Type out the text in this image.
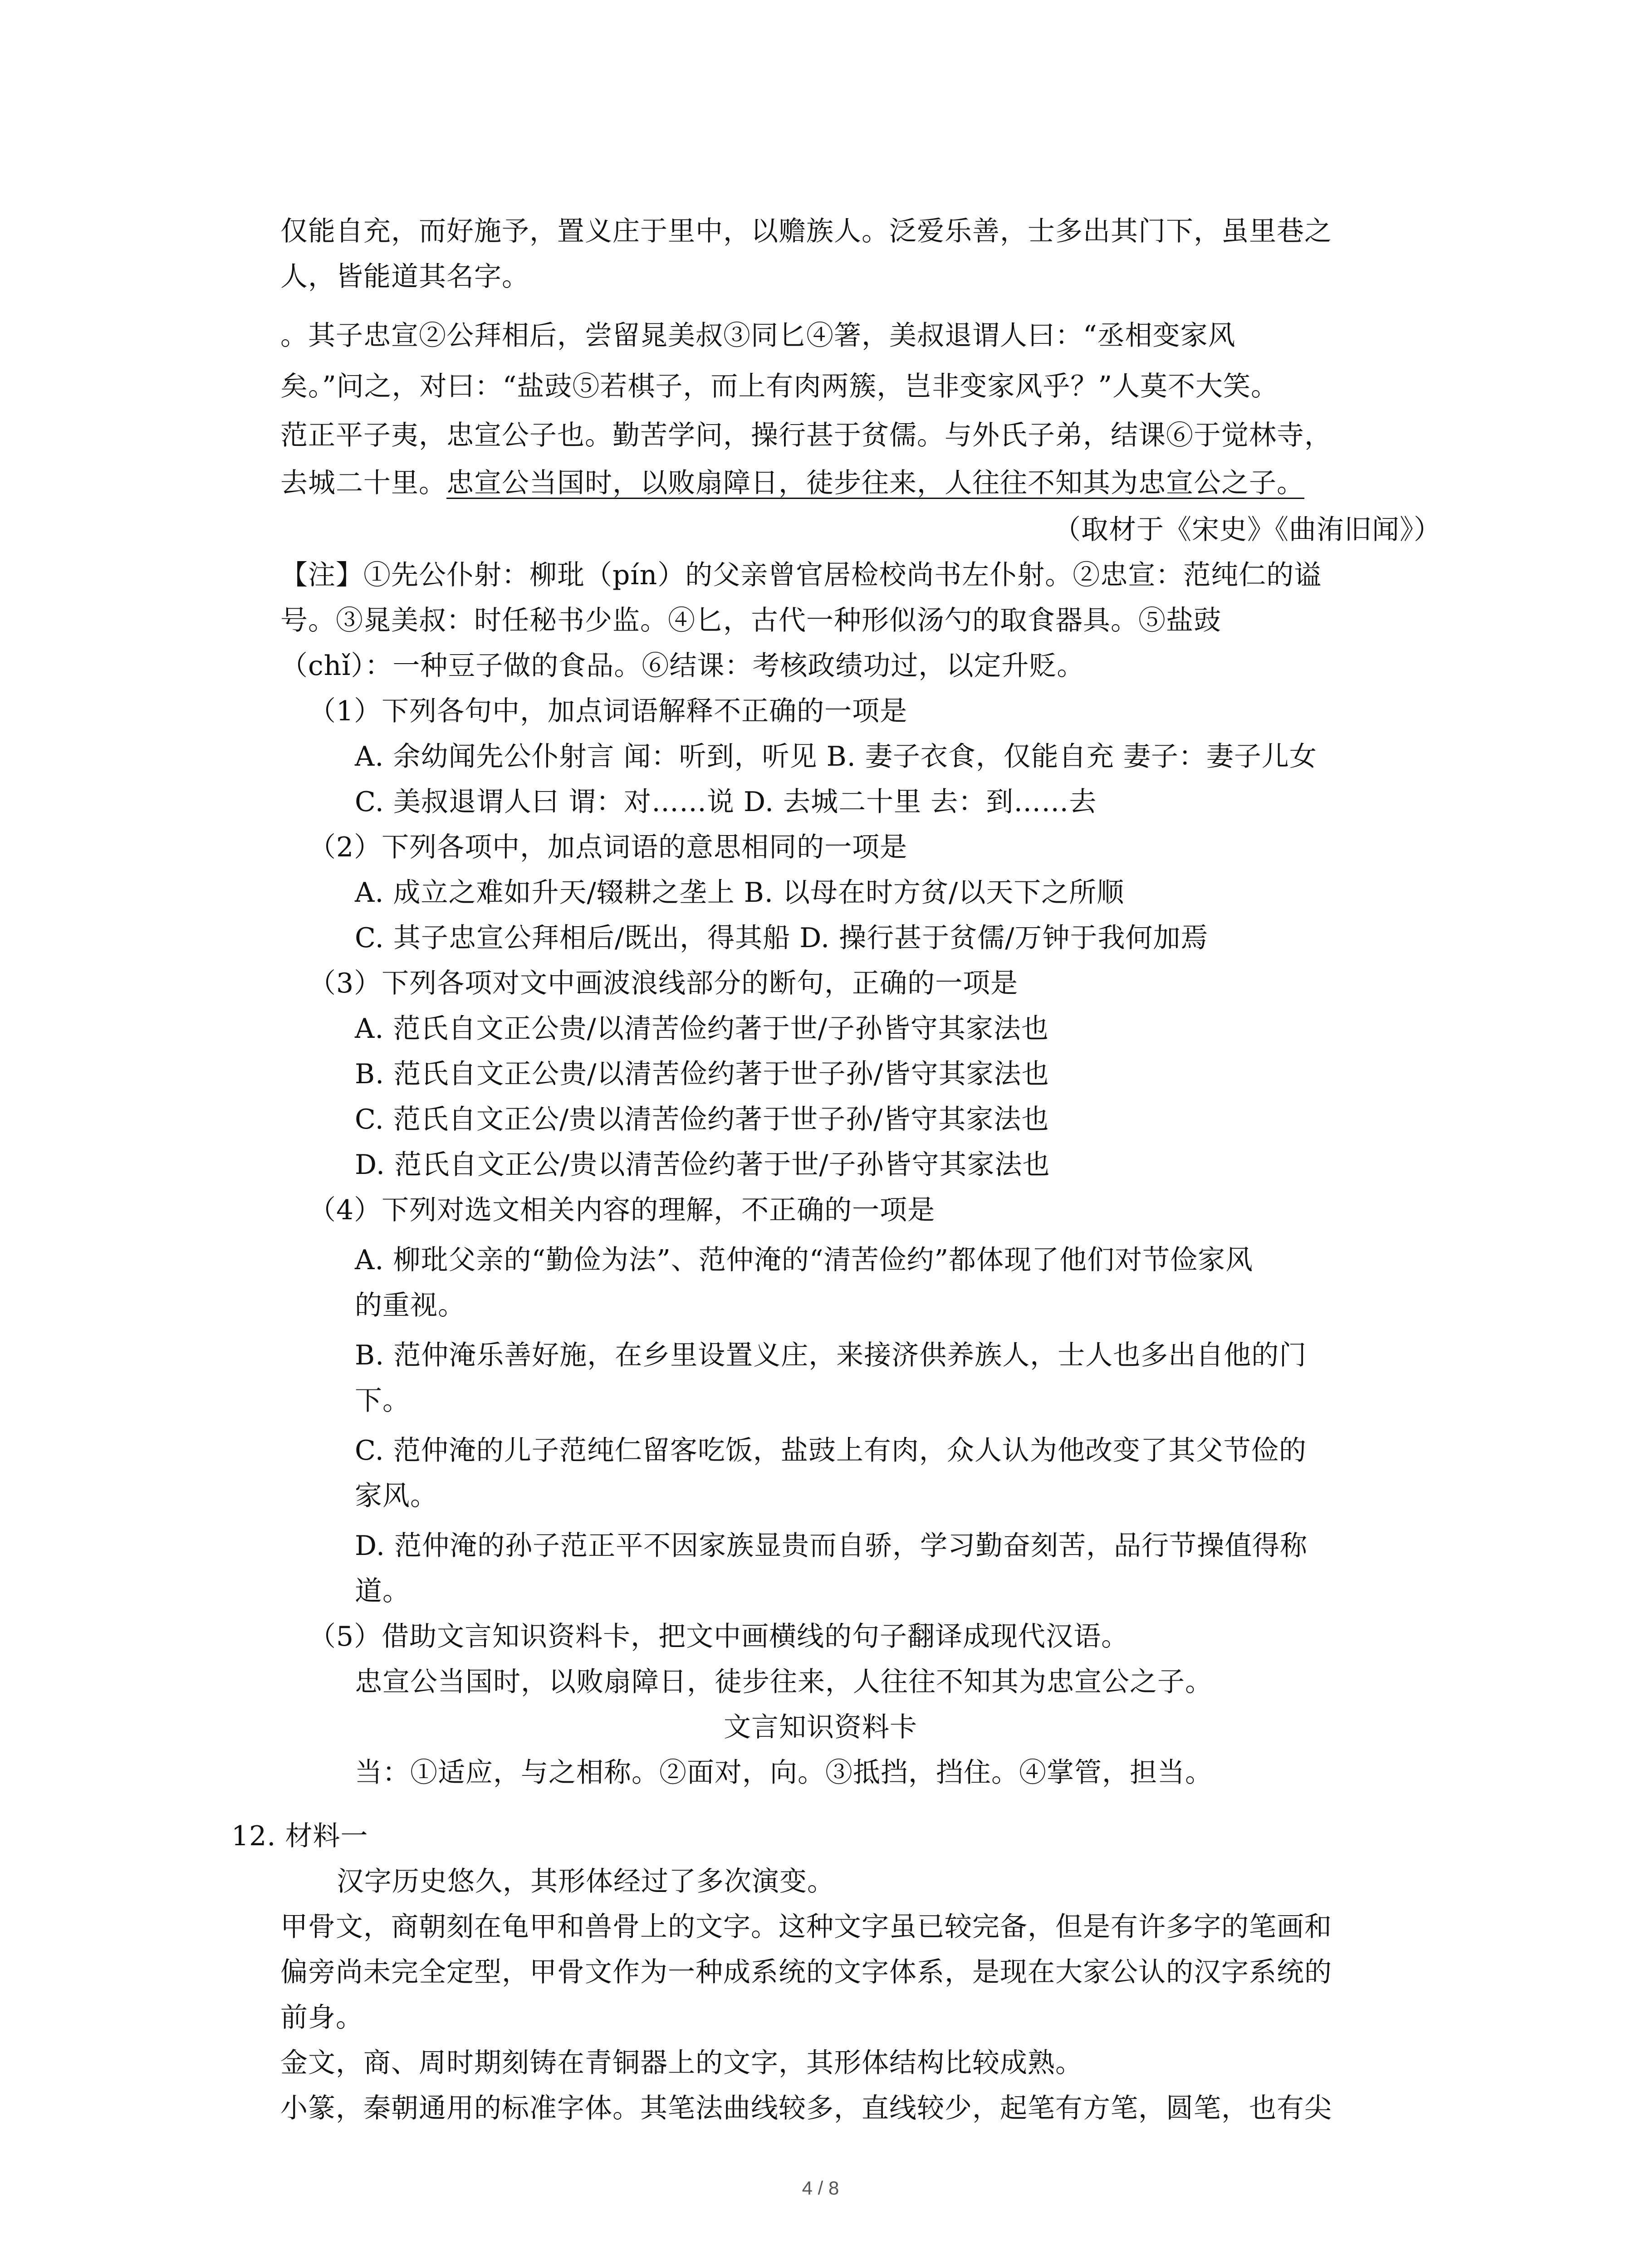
仅能自充，而好施予，置义庄于里中，以赡族人。泛爱乐善，士多出其门下，虽里巷之
人，皆能道其名字。
。其子忠宣②公拜相后，尝留晁美叔③同匕④箸，美叔退谓人曰：“丞相变家风
矣。”问之，对曰：“盐豉⑤若棋子，而上有肉两簇，岂非变家风乎？”人莫不大笑。
范正平子夷，忠宣公子也。勤苦学问，操行甚于贫儒。与外氏子弟，结课⑥于觉林寺，
去城二十里。忠宣公当国时，以败扇障日，徒步往来，人往往不知其为忠宣公之子。
（取材于《宋史》《曲洧旧闻》）
【注】①先公仆射：柳玭（pín）的父亲曾官居检校尚书左仆射。②忠宣：范纯仁的谥
号。③晁美叔：时任秘书少监。④匕，古代一种形似汤勺的取食器具。⑤盐豉
（chǐ）：一种豆子做的食品。⑥结课：考核政绩功过，以定升贬。
（1）下列各句中，加点词语解释不正确的一项是
A. 余幼闻先公仆射言 闻：听到，听见 B. 妻子衣食，仅能自充 妻子：妻子儿女
C. 美叔退谓人曰 谓：对……说 D. 去城二十里 去：到……去
（2）下列各项中，加点词语的意思相同的一项是
A. 成立之难如升天/辍耕之垄上 B. 以母在时方贫/以天下之所顺
C. 其子忠宣公拜相后/既出，得其船 D. 操行甚于贫儒/万钟于我何加焉
（3）下列各项对文中画波浪线部分的断句，正确的一项是
A. 范氏自文正公贵/以清苦俭约著于世/子孙皆守其家法也
B. 范氏自文正公贵/以清苦俭约著于世子孙/皆守其家法也
C. 范氏自文正公/贵以清苦俭约著于世子孙/皆守其家法也
D. 范氏自文正公/贵以清苦俭约著于世/子孙皆守其家法也
（4）下列对选文相关内容的理解，不正确的一项是
A. 柳玭父亲的“勤俭为法”、范仲淹的“清苦俭约”都体现了他们对节俭家风
的重视。
B. 范仲淹乐善好施，在乡里设置义庄，来接济供养族人，士人也多出自他的门
下。
C. 范仲淹的儿子范纯仁留客吃饭，盐豉上有肉，众人认为他改变了其父节俭的
家风。
D. 范仲淹的孙子范正平不因家族显贵而自骄，学习勤奋刻苦，品行节操值得称
道。
（5）借助文言知识资料卡，把文中画横线的句子翻译成现代汉语。
忠宣公当国时，以败扇障日，徒步往来，人往往不知其为忠宣公之子。
文言知识资料卡
当：①适应，与之相称。②面对，向。③抵挡，挡住。④掌管，担当。
12. 材料一
汉字历史悠久，其形体经过了多次演变。
甲骨文，商朝刻在龟甲和兽骨上的文字。这种文字虽已较完备，但是有许多字的笔画和
偏旁尚未完全定型，甲骨文作为一种成系统的文字体系，是现在大家公认的汉字系统的
前身。
金文，商、周时期刻铸在青铜器上的文字，其形体结构比较成熟。
小篆，秦朝通用的标准字体。其笔法曲线较多，直线较少，起笔有方笔，圆笔，也有尖
4 / 8
